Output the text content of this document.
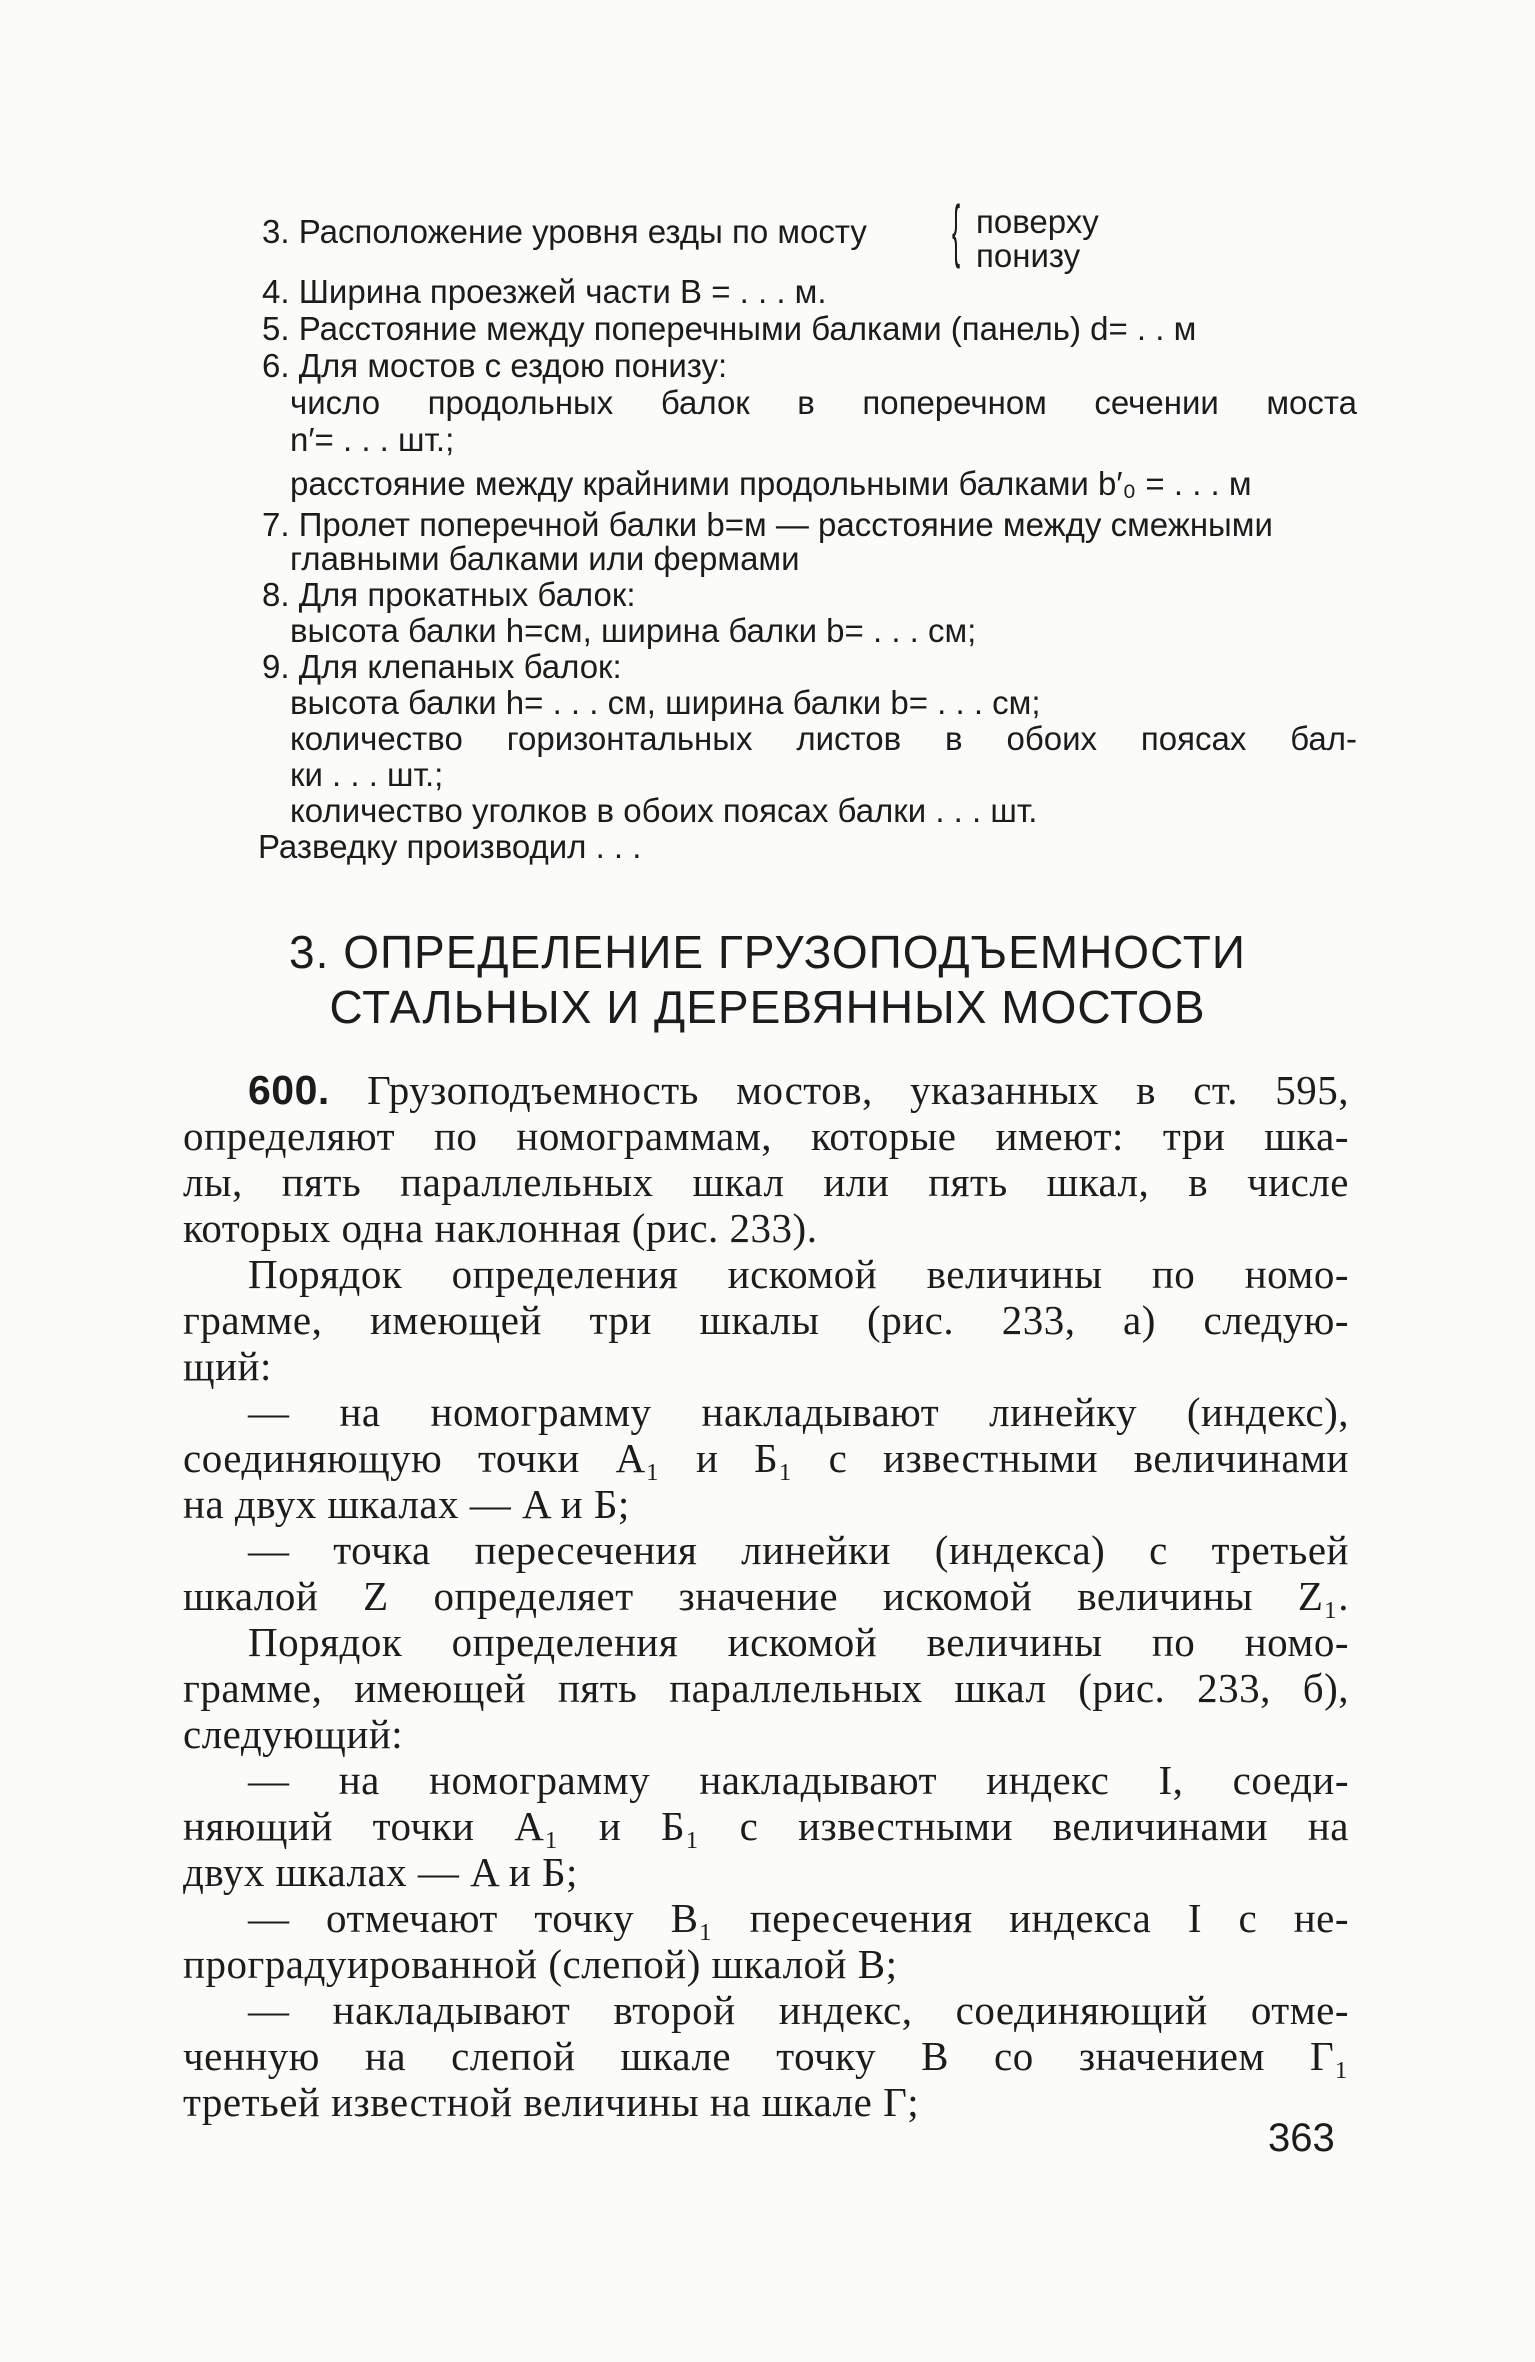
3. Расположение уровня езды по мосту { поверху
понизу
4. Ширина проезжей части B = . . . м.
5. Расстояние между поперечными балками (панель) d= . . м
6. Для мостов с ездою понизу:
число продольных балок в поперечном сечении моста
n′= . . . шт.;
расстояние между крайними продольными балками b′₀ = . . . м
7. Пролет поперечной балки b=м — расстояние между смежными
главными балками или фермами
8. Для прокатных балок:
высота балки h=см, ширина балки b= . . . см;
9. Для клепаных балок:
высота балки h= . . . см, ширина балки b= . . . см;
количество горизонтальных листов в обоих поясах бал-
ки . . . шт.;
количество уголков в обоих поясах балки . . . шт.
Разведку производил . . .
3. ОПРЕДЕЛЕНИЕ ГРУЗОПОДЪЕМНОСТИ
СТАЛЬНЫХ И ДЕРЕВЯННЫХ МОСТОВ
600. Грузоподъемность мостов, указанных в ст. 595,
определяют по номограммам, которые имеют: три шка-
лы, пять параллельных шкал или пять шкал, в числе
которых одна наклонная (рис. 233).
Порядок определения искомой величины по номо-
грамме, имеющей три шкалы (рис. 233, а) следую-
щий:
— на номограмму накладывают линейку (индекс),
соединяющую точки A₁ и Б₁ с известными величинами
на двух шкалах — A и Б;
— точка пересечения линейки (индекса) с третьей
шкалой Z определяет значение искомой величины Z₁.
Порядок определения искомой величины по номо-
грамме, имеющей пять параллельных шкал (рис. 233, б),
следующий:
— на номограмму накладывают индекс I, соеди-
няющий точки A₁ и Б₁ с известными величинами на
двух шкалах — A и Б;
— отмечают точку B₁ пересечения индекса I с не-
проградуированной (слепой) шкалой B;
— накладывают второй индекс, соединяющий отме-
ченную на слепой шкале точку B со значением Г₁
третьей известной величины на шкале Г;
363
